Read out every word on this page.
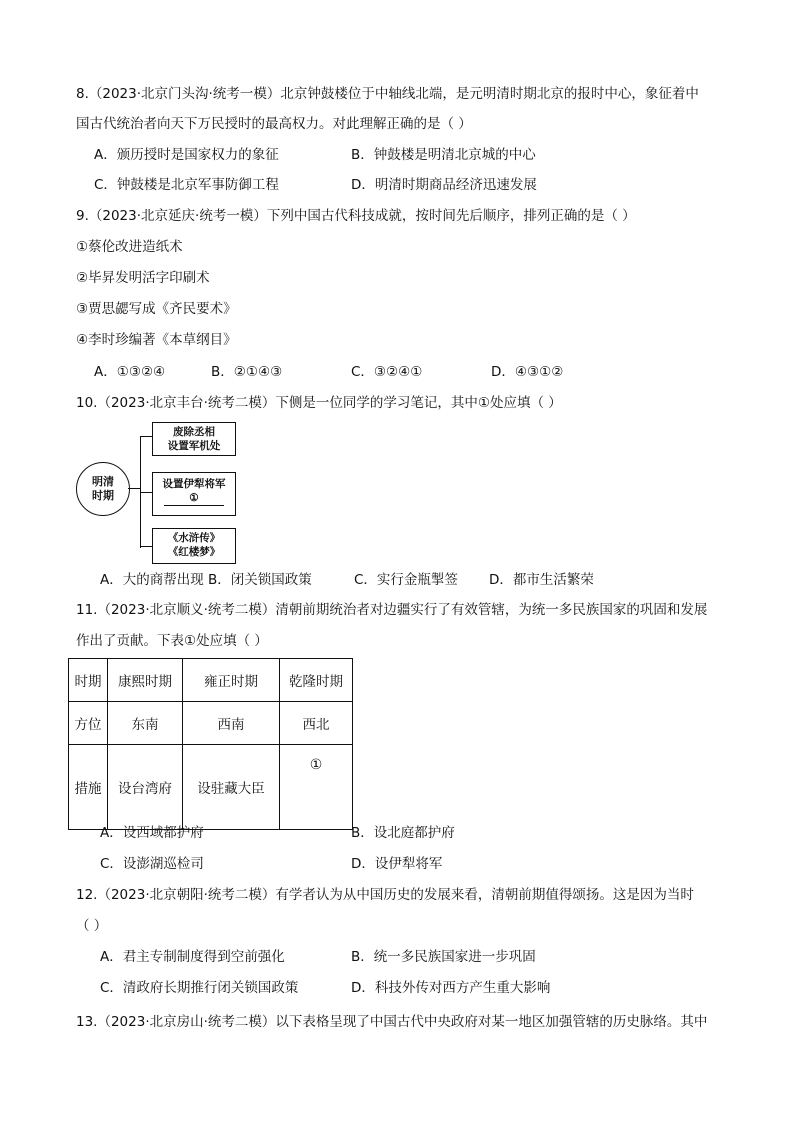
8.（2023·北京门头沟·统考一模）北京钟鼓楼位于中轴线北端，是元明清时期北京的报时中心，象征着中
国古代统治者向天下万民授时的最高权力。对此理解正确的是（ ）
A．颁历授时是国家权力的象征	B．钟鼓楼是明清北京城的中心
C．钟鼓楼是北京军事防御工程	D．明清时期商品经济迅速发展
9.（2023·北京延庆·统考一模）下列中国古代科技成就，按时间先后顺序，排列正确的是（ ）
①蔡伦改进造纸术
②毕昇发明活字印刷术
③贾思勰写成《齐民要术》
④李时珍编著《本草纲目》
A．①③②④	B．②①④③	C．③②④①	D．④③①②
10.（2023·北京丰台·统考二模）下侧是一位同学的学习笔记，其中①处应填（ ）
明清
时期
废除丞相
设置军机处
设置伊犁将军
①
《水浒传》
《红楼梦》
A．大的商帮出现 B．闭关锁国政策	C．实行金瓶掣签 D．都市生活繁荣
11.（2023·北京顺义·统考二模）清朝前期统治者对边疆实行了有效管辖，为统一多民族国家的巩固和发展
作出了贡献。下表①处应填（ ）
时期	康熙时期	雍正时期	乾隆时期
方位	东南	西南	西北
措施	设台湾府	设驻藏大臣	①
A．设西域都护府	B．设北庭都护府
C．设澎湖巡检司	D．设伊犁将军
12.（2023·北京朝阳·统考二模）有学者认为从中国历史的发展来看，清朝前期值得颂扬。这是因为当时
（ ）
A．君主专制制度得到空前强化	B．统一多民族国家进一步巩固
C．清政府长期推行闭关锁国政策	D．科技外传对西方产生重大影响
13.（2023·北京房山·统考二模）以下表格呈现了中国古代中央政府对某一地区加强管辖的历史脉络。其中
